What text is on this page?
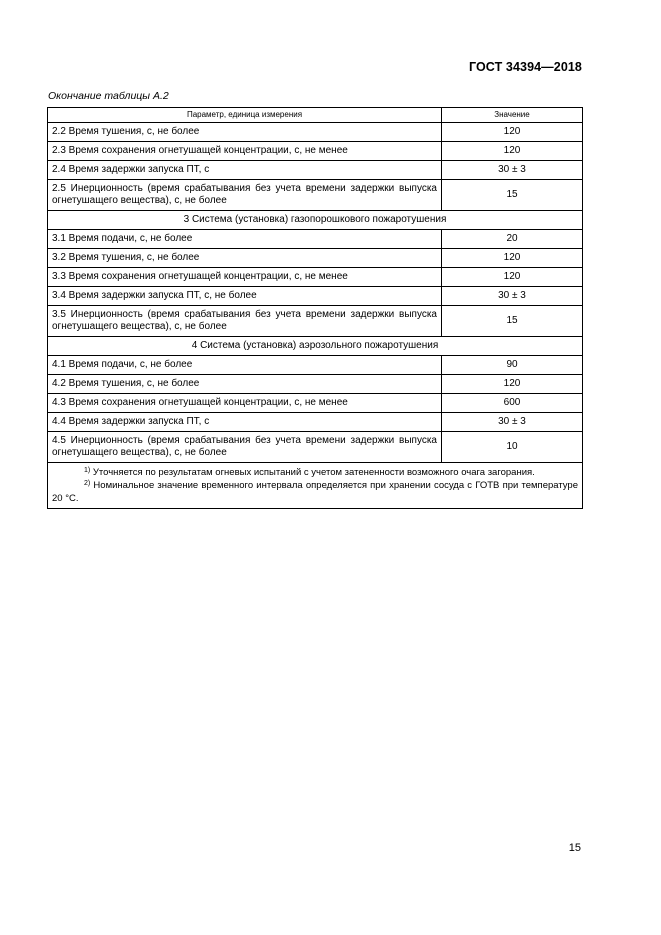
ГОСТ 34394—2018
Окончание таблицы А.2
Параметр, единица измерения	Значение
2.2 Время тушения, с, не более	120
2.3 Время сохранения огнетушащей концентрации, с, не менее	120
2.4 Время задержки запуска ПТ, с	30 ± 3
2.5 Инерционность (время срабатывания без учета времени задержки выпуска огнетушащего вещества), с, не более	15
3 Система (установка) газопорошкового пожаротушения	
3.1 Время подачи, с, не более	20
3.2 Время тушения, с, не более	120
3.3 Время сохранения огнетушащей концентрации, с, не менее	120
3.4 Время задержки запуска ПТ, с, не более	30 ± 3
3.5 Инерционность (время срабатывания без учета времени задержки выпуска огнетушащего вещества), с, не более	15
4 Система (установка) аэрозольного пожаротушения	
4.1 Время подачи, с, не более	90
4.2 Время тушения, с, не более	120
4.3 Время сохранения огнетушащей концентрации, с, не менее	600
4.4 Время задержки запуска ПТ, с	30 ± 3
4.5 Инерционность (время срабатывания без учета времени задержки выпуска огнетушащего вещества), с, не более	10

$^{1)}$ Уточняется по результатам огневых испытаний с учетом затененности возможного очага загорания.

$^{2)}$ Номинальное значение временного интервала определяется при хранении сосуда с ГОТВ при температуре 20 °С.	

15
